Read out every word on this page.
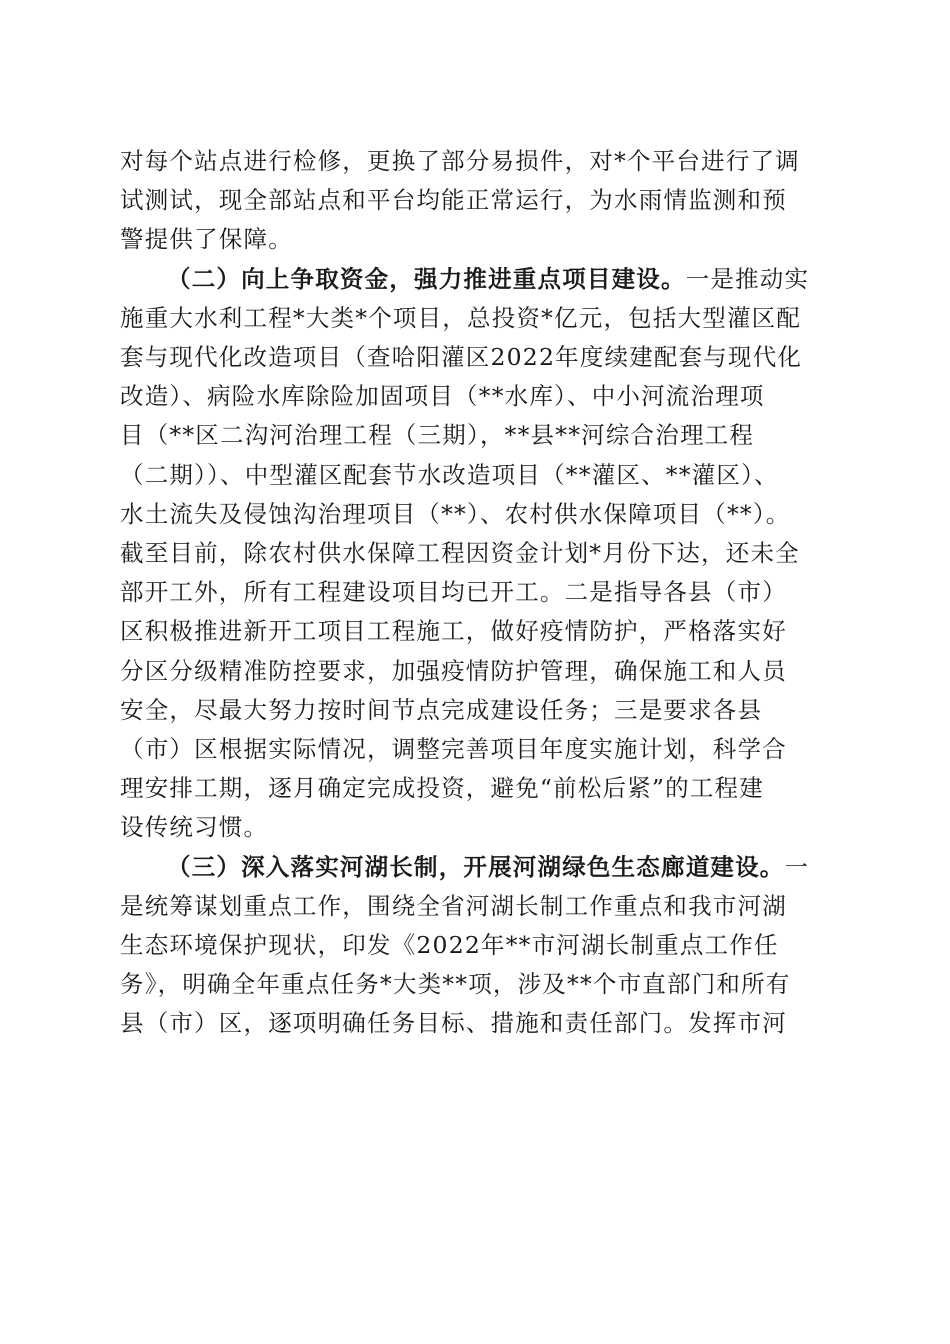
对每个站点进行检修，更换了部分易损件，对*个平台进行了调
试测试，现全部站点和平台均能正常运行，为水雨情监测和预
警提供了保障。
（二）向上争取资金，强力推进重点项目建设。一是推动实
施重大水利工程*大类*个项目，总投资*亿元，包括大型灌区配
套与现代化改造项目（查哈阳灌区2022年度续建配套与现代化
改造）、病险水库除险加固项目（**水库）、中小河流治理项
目（**区二沟河治理工程（三期），**县**河综合治理工程
（二期））、中型灌区配套节水改造项目（**灌区、**灌区）、
水土流失及侵蚀沟治理项目（**）、农村供水保障项目（**）。
截至目前，除农村供水保障工程因资金计划*月份下达，还未全
部开工外，所有工程建设项目均已开工。二是指导各县（市）
区积极推进新开工项目工程施工，做好疫情防护，严格落实好
分区分级精准防控要求，加强疫情防护管理，确保施工和人员
安全，尽最大努力按时间节点完成建设任务；三是要求各县
（市）区根据实际情况，调整完善项目年度实施计划，科学合
理安排工期，逐月确定完成投资，避免“前松后紧”的工程建
设传统习惯。
（三）深入落实河湖长制，开展河湖绿色生态廊道建设。一
是统筹谋划重点工作，围绕全省河湖长制工作重点和我市河湖
生态环境保护现状，印发《2022年**市河湖长制重点工作任
务》，明确全年重点任务*大类**项，涉及**个市直部门和所有
县（市）区，逐项明确任务目标、措施和责任部门。发挥市河
